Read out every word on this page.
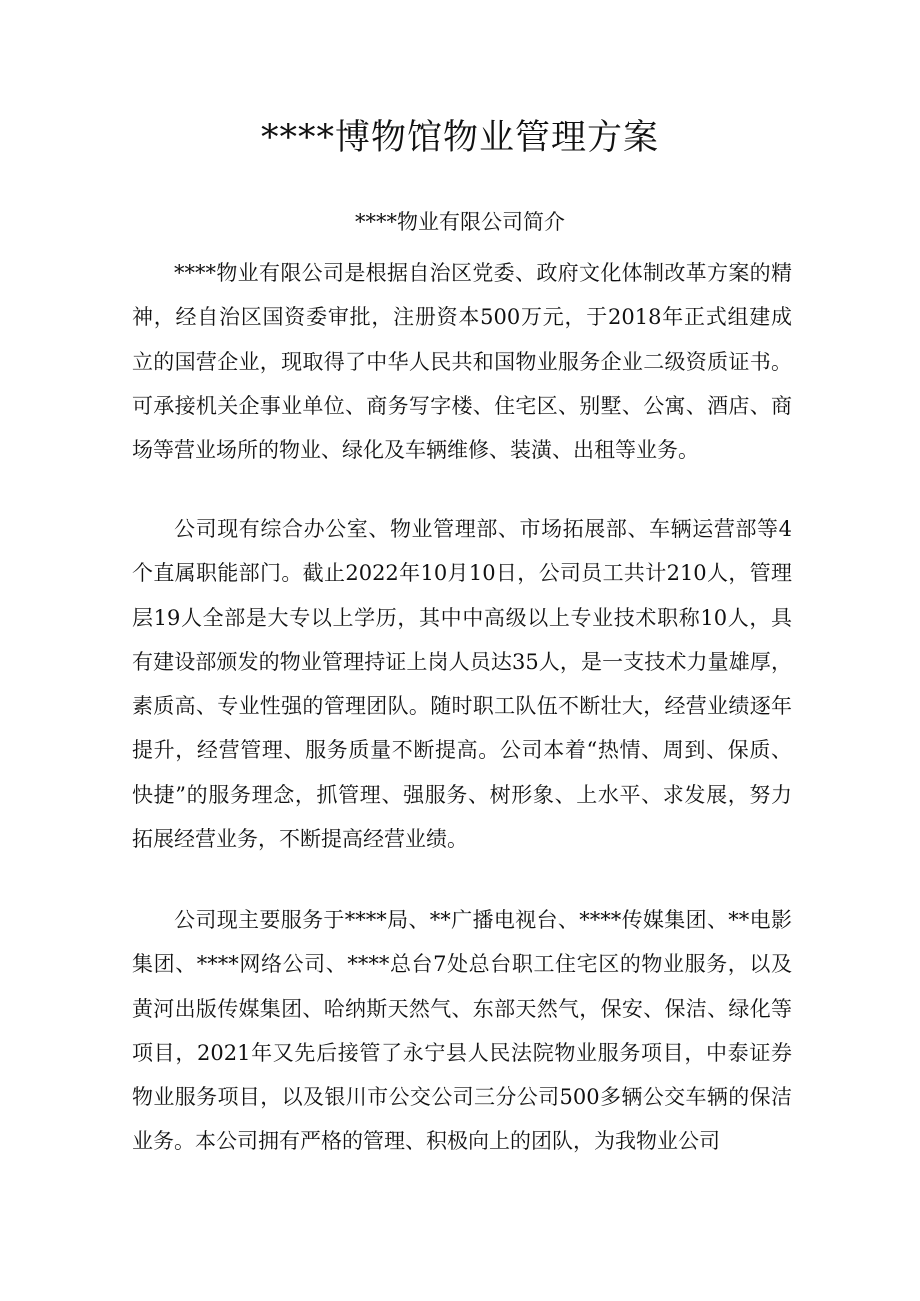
****博物馆物业管理方案
****物业有限公司简介

****物业有限公司是根据自治区党委、政府文化体制改革方案的精神，经自治区国资委审批，注册资本500万元，于2018年正式组建成立的国营企业，现取得了中华人民共和国物业服务企业二级资质证书。可承接机关企事业单位、商务写字楼、住宅区、别墅、公寓、酒店、商场等营业场所的物业、绿化及车辆维修、装潢、出租等业务。

公司现有综合办公室、物业管理部、市场拓展部、车辆运营部等4个直属职能部门。截止2022年10月10日，公司员工共计210人，管理层19人全部是大专以上学历，其中中高级以上专业技术职称10人，具有建设部颁发的物业管理持证上岗人员达35人，是一支技术力量雄厚，素质高、专业性强的管理团队。随时职工队伍不断壮大，经营业绩逐年提升，经营管理、服务质量不断提高。公司本着“热情、周到、保质、快捷”的服务理念，抓管理、强服务、树形象、上水平、求发展，努力拓展经营业务，不断提高经营业绩。

公司现主要服务于****局、**广播电视台、****传媒集团、**电影集团、****网络公司、****总台7处总台职工住宅区的物业服务，以及黄河出版传媒集团、哈纳斯天然气、东部天然气，保安、保洁、绿化等项目，2021年又先后接管了永宁县人民法院物业服务项目，中泰证券物业服务项目，以及银川市公交公司三分公司500多辆公交车辆的保洁业务。本公司拥有严格的管理、积极向上的团队，为我物业公司
